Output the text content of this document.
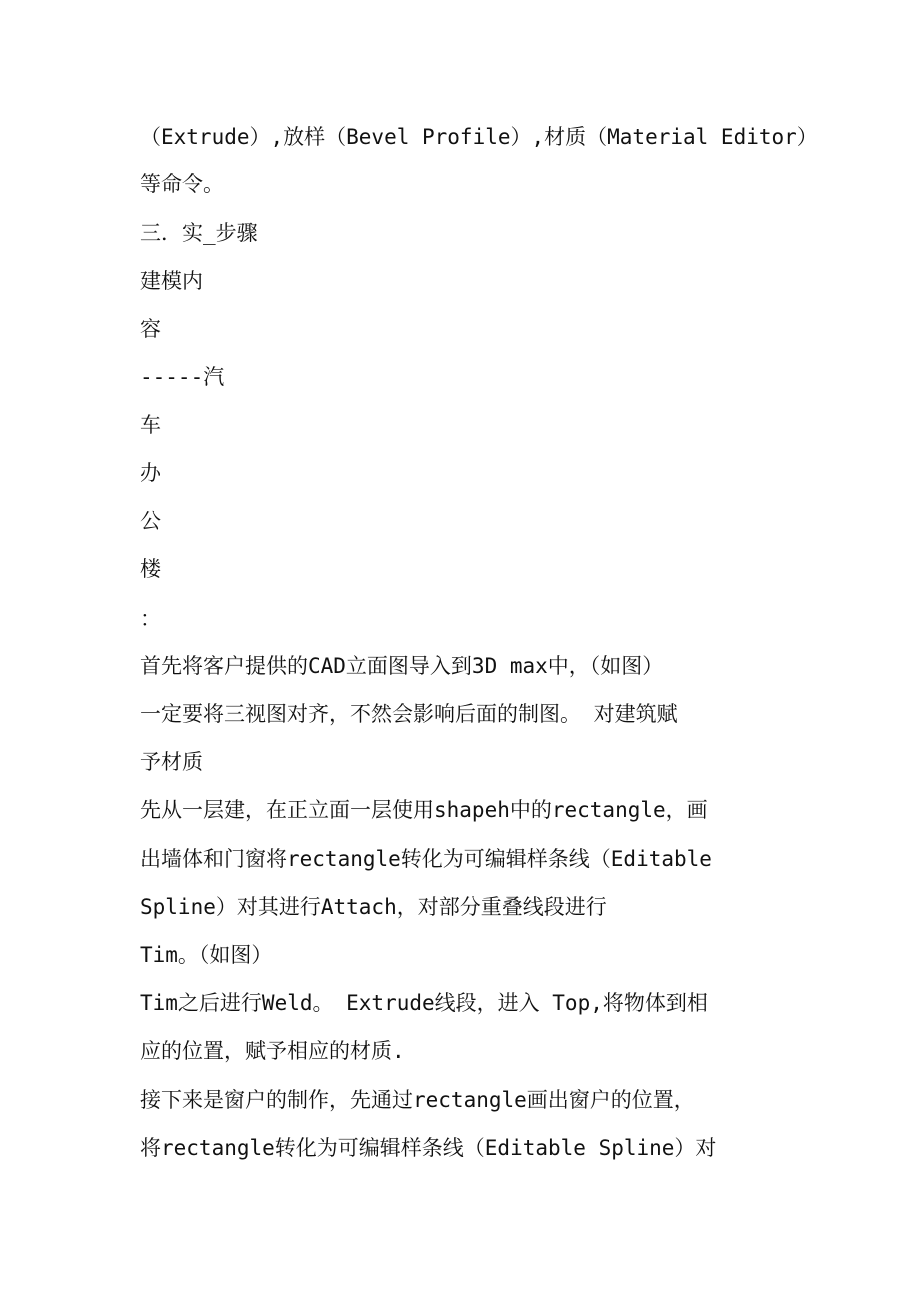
（Extrude）,放样（Bevel Profile）,材质（Material Editor）
等命令。
三．实_步骤
建模内
容
-----汽
车
办
公
楼
：
首先将客户提供的CAD立面图导入到3D max中，（如图）
一定要将三视图对齐，不然会影响后面的制图。 对建筑赋
予材质
先从一层建，在正立面一层使用shapeh中的rectangle，画
出墙体和门窗将rectangle转化为可编辑样条线（Editable
Spline）对其进行Attach，对部分重叠线段进行
Tim。（如图）
Tim之后进行Weld。 Extrude线段，进入 Top,将物体到相
应的位置，赋予相应的材质.
接下来是窗户的制作，先通过rectangle画出窗户的位置，
将rectangle转化为可编辑样条线（Editable Spline）对
